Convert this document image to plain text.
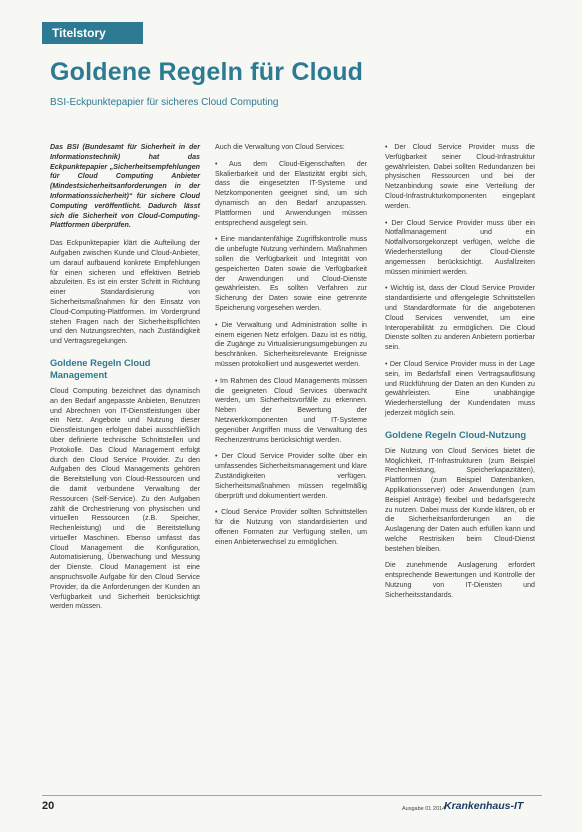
Titelstory
Goldene Regeln für Cloud
BSI-Eckpunktepapier für sicheres Cloud Computing

Das BSI (Bundesamt für Sicherheit in der Informationstechnik) hat das Eckpunktepapier „Sicherheitsempfehlungen für Cloud Computing Anbieter (Mindestsicherheitsanforderungen in der Informationssicherheit)“ für sichere Cloud Computing veröffentlicht. Dadurch lässt sich die Sicherheit von Cloud-Computing-Plattformen überprüfen.

Das Eckpunktepapier klärt die Aufteilung der Aufgaben zwischen Kunde und Cloud-Anbieter, um darauf aufbauend konkrete Empfehlungen für einen sicheren und effektiven Betrieb abzuleiten. Es ist ein erster Schritt in Richtung einer Standardisierung von Sicherheitsmaßnahmen für den Einsatz von Cloud-Computing-Plattformen. Im Vordergrund stehen Fragen nach der Sicherheitspflichten und den Nutzungsrechten, nach Zuständigkeit und Vertragsregelungen.

Goldene Regeln Cloud Management

Cloud Computing bezeichnet das dynamisch an den Bedarf angepasste Anbieten, Benutzen und Abrechnen von IT-Dienstleistungen über ein Netz. Angebote und Nutzung dieser Dienstleistungen erfolgen dabei ausschließlich über definierte technische Schnittstellen und Protokolle. Das Cloud Management erfolgt durch den Cloud Service Provider. Zu den Aufgaben des Cloud Managements gehören die Bereitstellung von Cloud-Ressourcen und die damit verbundene Verwaltung der Ressourcen (Self-Service). Zu den Aufgaben zählt die Orchestrierung von physischen und virtuellen Ressourcen (z.B. Speicher, Rechenleistung) und die Bereitstellung virtueller Maschinen. Ebenso umfasst das Cloud Management die Konfiguration, Automatisierung, Überwachung und Messung der Dienste. Cloud Management ist eine anspruchsvolle Aufgabe für den Cloud Service Provider, da die Anforderungen der Kunden an Verfügbarkeit und Sicherheit berücksichtigt werden müssen.

Auch die Verwaltung von Cloud Services:

• Aus dem Cloud-Eigenschaften der Skalierbarkeit und der Elastizität ergibt sich, dass die eingesetzten IT-Systeme und Netzkomponenten geeignet sind, um sich dynamisch an den Bedarf anzupassen. Plattformen und Anwendungen müssen entsprechend ausgelegt sein.

• Eine mandantenfähige Zugriffskontrolle muss die unbefugte Nutzung verhindern. Maßnahmen sollen die Verfügbarkeit und Integrität von gespeicherten Daten sowie die Verfügbarkeit der Anwendungen und Cloud-Dienste gewährleisten. Es sollten Verfahren zur Sicherung der Daten sowie eine getrennte Speicherung vorgesehen werden.

• Die Verwaltung und Administration sollte in einem eigenen Netz erfolgen. Dazu ist es nötig, die Zugänge zu Virtualisierungsumgebungen zu beschränken. Sicherheitsrelevante Ereignisse müssen protokolliert und ausgewertet werden.

• Im Rahmen des Cloud Managements müssen die geeigneten Cloud Services überwacht werden, um Sicherheitsvorfälle zu erkennen. Neben der Bewertung der Netzwerkkomponenten und IT-Systeme gegenüber Angriffen muss die Verwaltung des Rechenzentrums berücksichtigt werden.

• Der Cloud Service Provider sollte über ein umfassendes Sicherheitsmanagement und klare Zuständigkeiten verfügen. Sicherheitsmaßnahmen müssen regelmäßig überprüft und dokumentiert werden.

• Cloud Service Provider sollten Schnittstellen für die Nutzung von standardisierten und offenen Formaten zur Verfügung stellen, um einen Anbieterwechsel zu ermöglichen.

• Der Cloud Service Provider muss die Verfügbarkeit seiner Cloud-Infrastruktur gewährleisten. Dabei sollten Redundanzen bei physischen Ressourcen und bei der Netzanbindung sowie eine Verteilung der Cloud-Infrastrukturkomponenten eingeplant werden.

• Der Cloud Service Provider muss über ein Notfallmanagement und ein Notfallvorsorgekonzept verfügen, welche die Wiederherstellung der Cloud-Dienste angemessen berücksichtigt. Ausfallzeiten müssen minimiert werden.

• Wichtig ist, dass der Cloud Service Provider standardisierte und offengelegte Schnittstellen und Standardformate für die angebotenen Cloud Services verwendet, um eine Interoperabilität zu ermöglichen. Die Cloud Dienste sollten zu anderen Anbietern portierbar sein.

• Der Cloud Service Provider muss in der Lage sein, im Bedarfsfall einen Vertragsauflösung und Rückführung der Daten an den Kunden zu gewährleisten. Eine unabhängige Wiederherstellung der Kundendaten muss jederzeit möglich sein.

Goldene Regeln Cloud-Nutzung

Die Nutzung von Cloud Services bietet die Möglichkeit, IT-Infrastrukturen (zum Beispiel Rechenleistung, Speicherkapazitäten), Plattformen (zum Beispiel Datenbanken, Applikationsserver) oder Anwendungen (zum Beispiel Anträge) flexibel und bedarfsgerecht zu nutzen. Dabei muss der Kunde klären, ob er die Sicherheitsanforderungen an die Auslagerung der Daten auch erfüllen kann und welche Restrisiken beim Cloud-Dienst bestehen bleiben.

Die zunehmende Auslagerung erfordert entsprechende Bewertungen und Kontrolle der Nutzung von IT-Diensten und Sicherheitsstandards.

20	Ausgabe 01 2014
Krankenhaus-IT
